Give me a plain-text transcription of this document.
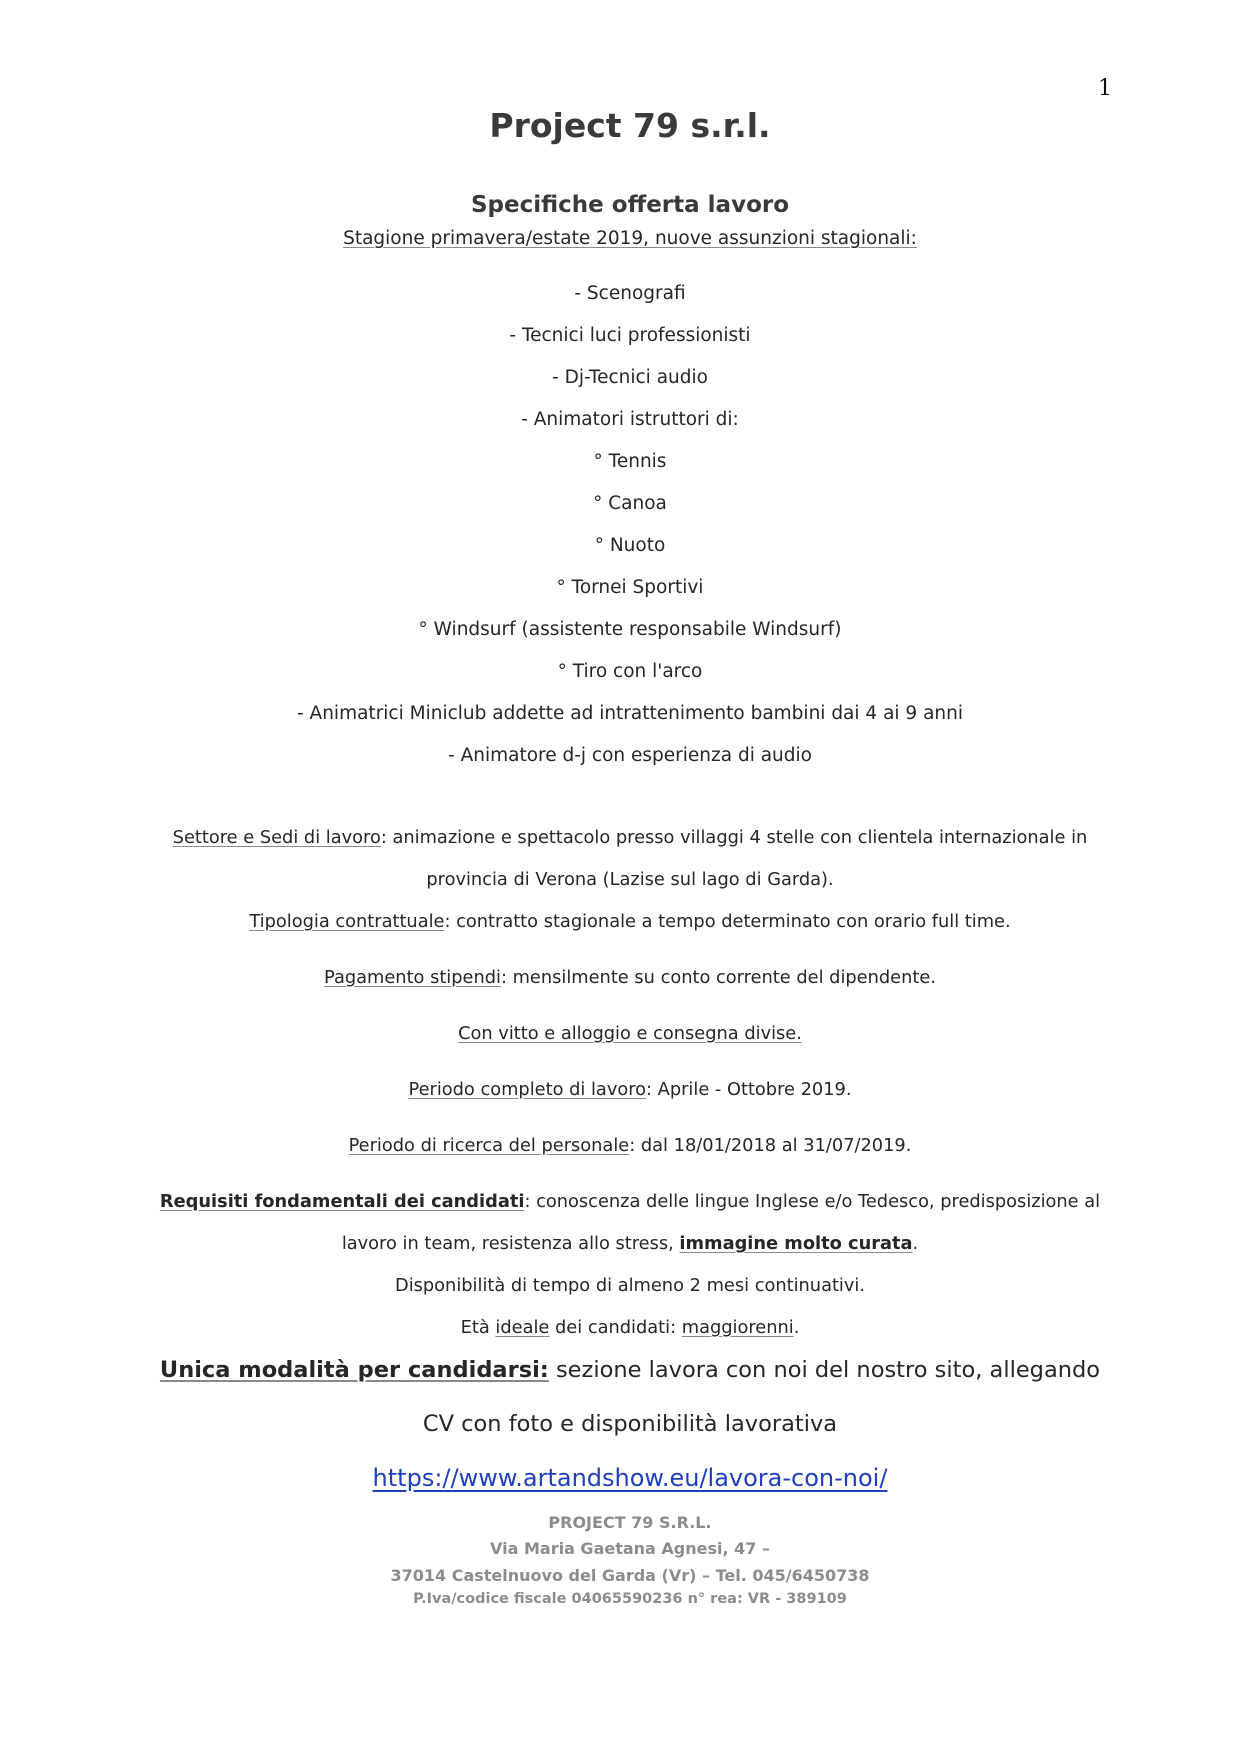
1
Project 79 s.r.l.
Specifiche offerta lavoro
Stagione primavera/estate 2019, nuove assunzioni stagionali:
- Scenografi
- Tecnici luci professionisti
- Dj-Tecnici audio
- Animatori istruttori di:
° Tennis
° Canoa
° Nuoto
° Tornei Sportivi
° Windsurf (assistente responsabile Windsurf)
° Tiro con l'arco
- Animatrici Miniclub addette ad intrattenimento bambini dai 4 ai 9 anni
- Animatore d-j con esperienza di audio
Settore e Sedi di lavoro: animazione e spettacolo presso villaggi 4 stelle con clientela internazionale in
provincia di Verona (Lazise sul lago di Garda).
Tipologia contrattuale: contratto stagionale a tempo determinato con orario full time.
Pagamento stipendi: mensilmente su conto corrente del dipendente.
Con vitto e alloggio e consegna divise.
Periodo completo di lavoro: Aprile - Ottobre 2019.
Periodo di ricerca del personale: dal 18/01/2018 al 31/07/2019.
Requisiti fondamentali dei candidati: conoscenza delle lingue Inglese e/o Tedesco, predisposizione al
lavoro in team, resistenza allo stress, immagine molto curata.
Disponibilità di tempo di almeno 2 mesi continuativi.
Età ideale dei candidati: maggiorenni.
Unica modalità per candidarsi: sezione lavora con noi del nostro sito, allegando
CV con foto e disponibilità lavorativa
https://www.artandshow.eu/lavora-con-noi/
PROJECT 79 S.R.L.
Via Maria Gaetana Agnesi, 47 –
37014 Castelnuovo del Garda (Vr) – Tel. 045/6450738
P.Iva/codice fiscale 04065590236 n° rea: VR - 389109
